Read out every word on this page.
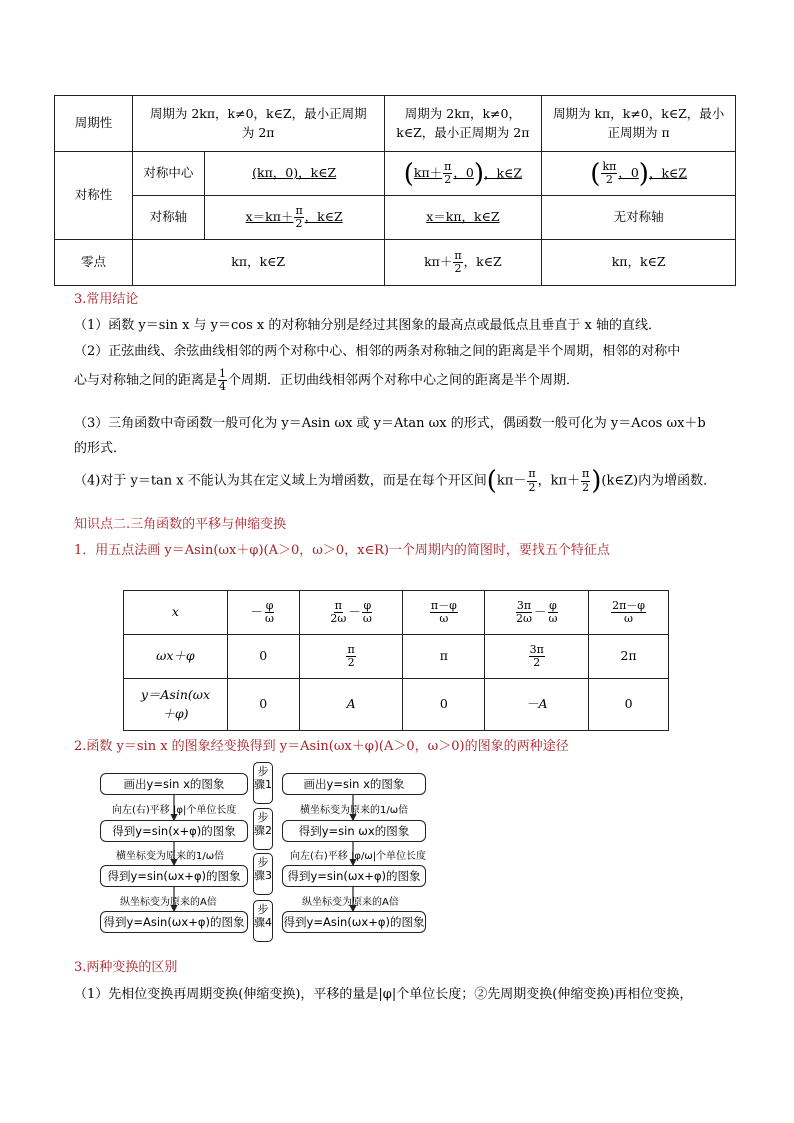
周期性	周期为 2kπ，k≠0，k∈Z，最小正周期为 2π		周期为 2kπ，k≠0，k∈Z，最小正周期为 2π	周期为 kπ，k≠0，k∈Z，最小正周期为 π
对称性	对称中心	(kπ，0)，k∈Z	($k\pi+ \frac{\pi}{2}$ ，0)，k∈Z	( $\frac{k\pi}{2}$ ，0)，k∈Z
	对称轴	$x=k\pi+ \frac{\pi}{2}$ ，k∈Z	x＝kπ，k∈Z	无对称轴
零点	kπ，k∈Z		$k\pi+ \frac{\pi}{2}$ ，k∈Z	kπ，k∈Z
3.常用结论
（1）函数 y＝sin x 与 y＝cos x 的对称轴分别是经过其图象的最高点或最低点且垂直于 x 轴的直线．
（2）正弦曲线、余弦曲线相邻的两个对称中心、相邻的两条对称轴之间的距离是半个周期，相邻的对称中
心与对称轴之间的距离是 $\frac{1}{4}$ 个周期．正切曲线相邻两个对称中心之间的距离是半个周期．
（3）三角函数中奇函数一般可化为 y＝Asin ωx 或 y＝Atan ωx 的形式，偶函数一般可化为 y＝Acos ωx＋b
的形式．
（4)对于 y＝tan x 不能认为其在定义域上为增函数，而是在每个开区间($k\pi- \frac{\pi}{2}$ ，$k\pi+ \frac{\pi}{2}$ )(k∈Z)内为增函数．
知识点二.三角函数的平移与伸缩变换
1．用五点法画 y＝Asin(ωx＋φ)(A＞0，ω＞0，x∈R)一个周期内的简图时，要找五个特征点
x	－ $\frac{\varphi}{\omega}$	$\frac{\pi}{2\omega} - \frac{\varphi}{\omega}$	$\frac{\pi-\varphi}{\omega}$	$\frac{3\pi}{2\omega} - \frac{\varphi}{\omega}$	$\frac{2\pi-\varphi}{\omega}$

ωx＋φ	0	$\frac{\pi}{2}$	π	$\frac{3\pi}{2}$	2π
y＝Asin(ωx
＋φ)	0	A	0	－A	0
2.函数 y＝sin x 的图象经变换得到 y＝Asin(ωx＋φ)(A＞0，ω＞0)的图象的两种途径
画出y=sin x的图象
得到y=sin(x+φ)的图象
得到y=sin(ωx+φ)的图象
得到y=Asin(ωx+φ)的图象
画出y=sin x的图象
得到y=sin ωx的图象
得到y=sin(ωx+φ)的图象
得到y=Asin(ωx+φ)的图象
步骤1
步骤2
步骤3
步骤4
向左(右)平移 |φ|个单位长度
横坐标变为原来的1/ω倍
纵坐标变为原来的A倍
横坐标变为原来的1/ω倍
向左(右)平移 |φ/ω|个单位长度
纵坐标变为原来的A倍
3.两种变换的区别
（1）先相位变换再周期变换(伸缩变换)，平移的量是|φ|个单位长度；②先周期变换(伸缩变换)再相位变换，
